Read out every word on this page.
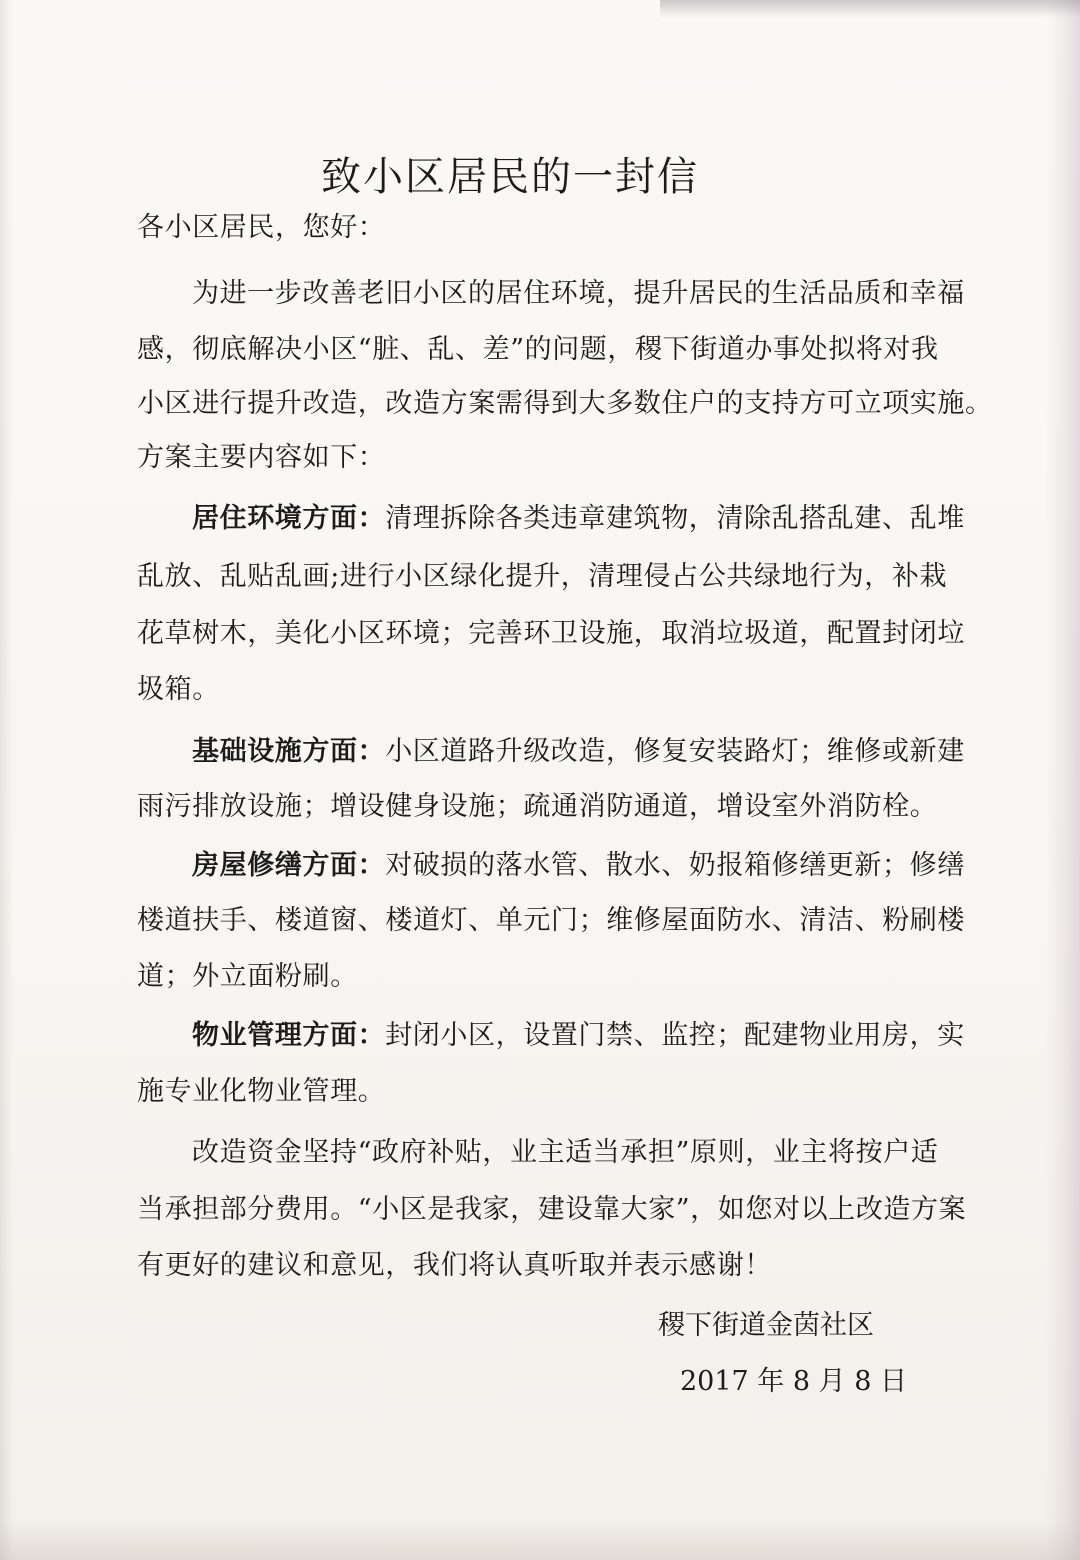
致小区居民的一封信
各小区居民，您好：
为进一步改善老旧小区的居住环境，提升居民的生活品质和幸福
感，彻底解决小区“脏、乱、差”的问题，稷下街道办事处拟将对我
小区进行提升改造，改造方案需得到大多数住户的支持方可立项实施。
方案主要内容如下：
居住环境方面：清理拆除各类违章建筑物，清除乱搭乱建、乱堆
乱放、乱贴乱画;进行小区绿化提升，清理侵占公共绿地行为，补栽
花草树木，美化小区环境；完善环卫设施，取消垃圾道，配置封闭垃
圾箱。
基础设施方面：小区道路升级改造，修复安装路灯；维修或新建
雨污排放设施；增设健身设施；疏通消防通道，增设室外消防栓。
房屋修缮方面：对破损的落水管、散水、奶报箱修缮更新；修缮
楼道扶手、楼道窗、楼道灯、单元门；维修屋面防水、清洁、粉刷楼
道；外立面粉刷。
物业管理方面：封闭小区，设置门禁、监控；配建物业用房，实
施专业化物业管理。
改造资金坚持“政府补贴，业主适当承担”原则，业主将按户适
当承担部分费用。“小区是我家，建设靠大家”，如您对以上改造方案
有更好的建议和意见，我们将认真听取并表示感谢！
稷下街道金茵社区
2017 年 8 月 8 日
